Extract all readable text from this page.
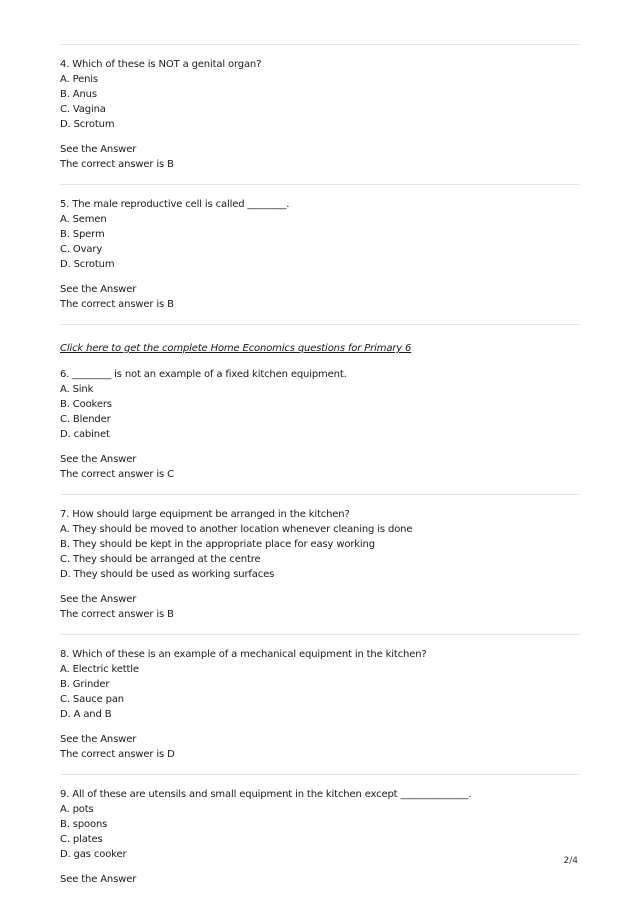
4. Which of these is NOT a genital organ?
A. Penis
B. Anus
C. Vagina
D. Scrotum
See the Answer
The correct answer is B
5. The male reproductive cell is called ________.
A. Semen
B. Sperm
C. Ovary
D. Scrotum
See the Answer
The correct answer is B
Click here to get the complete Home Economics questions for Primary 6
6. ________ is not an example of a fixed kitchen equipment.
A. Sink
B. Cookers
C. Blender
D. cabinet
See the Answer
The correct answer is C
7. How should large equipment be arranged in the kitchen?
A. They should be moved to another location whenever cleaning is done
B. They should be kept in the appropriate place for easy working
C. They should be arranged at the centre
D. They should be used as working surfaces
See the Answer
The correct answer is B
8. Which of these is an example of a mechanical equipment in the kitchen?
A. Electric kettle
B. Grinder
C. Sauce pan
D. A and B
See the Answer
The correct answer is D
9. All of these are utensils and small equipment in the kitchen except ______________.
A. pots
B. spoons
C. plates
D. gas cooker
See the Answer
2/4
